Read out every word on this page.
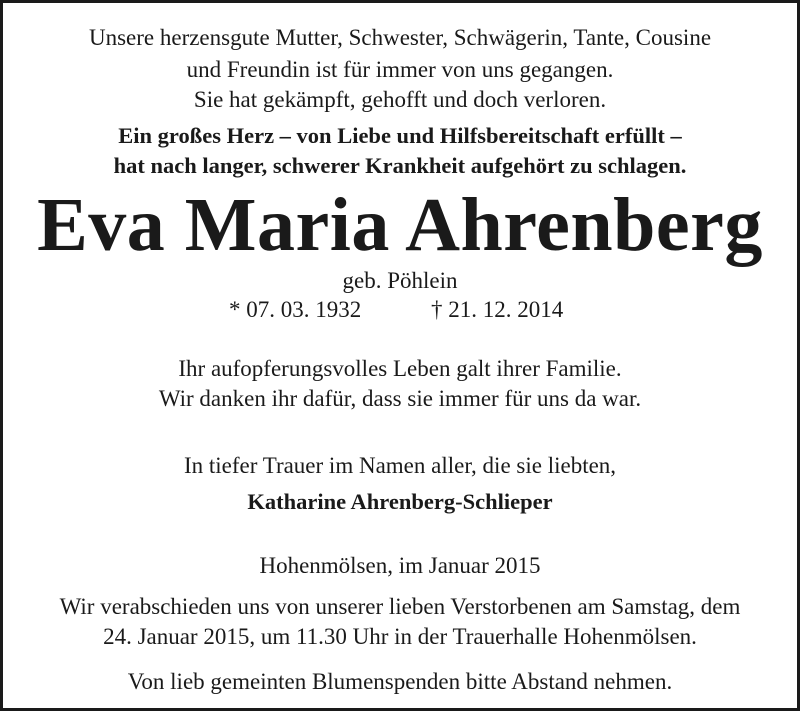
Unsere herzensgute Mutter, Schwester, Schwägerin, Tante, Cousine

und Freundin ist für immer von uns gegangen.

Sie hat gekämpft, gehofft und doch verloren.

Ein großes Herz – von Liebe und Hilfsbereitschaft erfüllt –

hat nach langer, schwerer Krankheit aufgehört zu schlagen.

Eva Maria Ahrenberg

geb. Pöhlein

* 07. 03. 1932	† 21. 12. 2014

Ihr aufopferungsvolles Leben galt ihrer Familie.

Wir danken ihr dafür, dass sie immer für uns da war.

In tiefer Trauer im Namen aller, die sie liebten,

Katharine Ahrenberg-Schlieper

Hohenmölsen, im Januar 2015

Wir verabschieden uns von unserer lieben Verstorbenen am Samstag, dem

24. Januar 2015, um 11.30 Uhr in der Trauerhalle Hohenmölsen.

Von lieb gemeinten Blumenspenden bitte Abstand nehmen.
